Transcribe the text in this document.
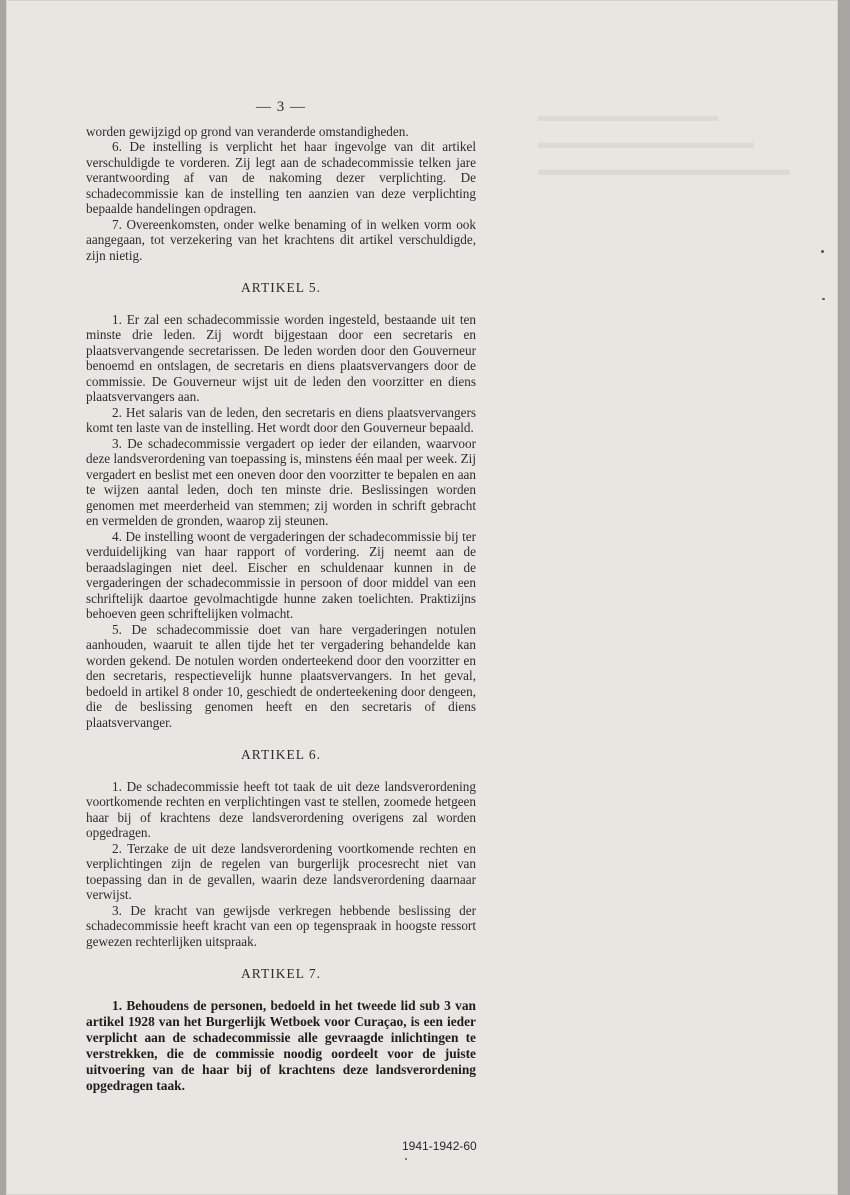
▬▬▬▬▬▬▬▬▬▬
▬▬▬▬▬▬▬▬▬▬▬▬
▬▬▬▬▬▬▬▬▬▬▬▬▬▬
— 3 —

worden gewijzigd op grond van veranderde omstandigheden.

6. De instelling is verplicht het haar ingevolge van dit artikel verschuldigde te vorderen. Zij legt aan de schadecommissie telken jare verantwoording af van de nakoming dezer verplichting. De schadecommissie kan de instelling ten aanzien van deze verplichting bepaalde handelingen opdragen.

7. Overeenkomsten, onder welke benaming of in welken vorm ook aangegaan, tot verzekering van het krachtens dit artikel verschuldigde, zijn nietig.

ARTIKEL 5.

1. Er zal een schadecommissie worden ingesteld, bestaande uit ten minste drie leden. Zij wordt bijgestaan door een secretaris en plaatsvervangende secretarissen. De leden worden door den Gouverneur benoemd en ontslagen, de secretaris en diens plaatsvervangers door de commissie. De Gouverneur wijst uit de leden den voorzitter en diens plaatsvervangers aan.

2. Het salaris van de leden, den secretaris en diens plaatsvervangers komt ten laste van de instelling. Het wordt door den Gouverneur bepaald.

3. De schadecommissie vergadert op ieder der eilanden, waarvoor deze landsverordening van toepassing is, minstens één maal per week. Zij vergadert en beslist met een oneven door den voorzitter te bepalen en aan te wijzen aantal leden, doch ten minste drie. Beslissingen worden genomen met meerderheid van stemmen; zij worden in schrift gebracht en vermelden de gronden, waarop zij steunen.

4. De instelling woont de vergaderingen der schadecommissie bij ter verduidelijking van haar rapport of vordering. Zij neemt aan de beraadslagingen niet deel. Eischer en schuldenaar kunnen in de vergaderingen der schadecommissie in persoon of door middel van een schriftelijk daartoe gevolmachtigde hunne zaken toelichten. Praktizijns behoeven geen schriftelijken volmacht.

5. De schadecommissie doet van hare vergaderingen notulen aanhouden, waaruit te allen tijde het ter vergadering behandelde kan worden gekend. De notulen worden onderteekend door den voorzitter en den secretaris, respectievelijk hunne plaatsvervangers. In het geval, bedoeld in artikel 8 onder 10, geschiedt de onderteekening door dengeen, die de beslissing genomen heeft en den secretaris of diens plaatsvervanger.

ARTIKEL 6.

1. De schadecommissie heeft tot taak de uit deze landsverordening voortkomende rechten en verplichtingen vast te stellen, zoomede hetgeen haar bij of krachtens deze landsverordening overigens zal worden opgedragen.

2. Terzake de uit deze landsverordening voortkomende rechten en verplichtingen zijn de regelen van burgerlijk procesrecht niet van toepassing dan in de gevallen, waarin deze landsverordening daarnaar verwijst.

3. De kracht van gewijsde verkregen hebbende beslissing der schadecommissie heeft kracht van een op tegenspraak in hoogste ressort gewezen rechterlijken uitspraak.

ARTIKEL 7.

1. Behoudens de personen, bedoeld in het tweede lid sub 3 van artikel 1928 van het Burgerlijk Wetboek voor Curaçao, is een ieder verplicht aan de schadecommissie alle gevraagde inlichtingen te verstrekken, die de commissie noodig oordeelt voor de juiste uitvoering van de haar bij of krachtens deze landsverordening opgedragen taak.

1941-1942-60
